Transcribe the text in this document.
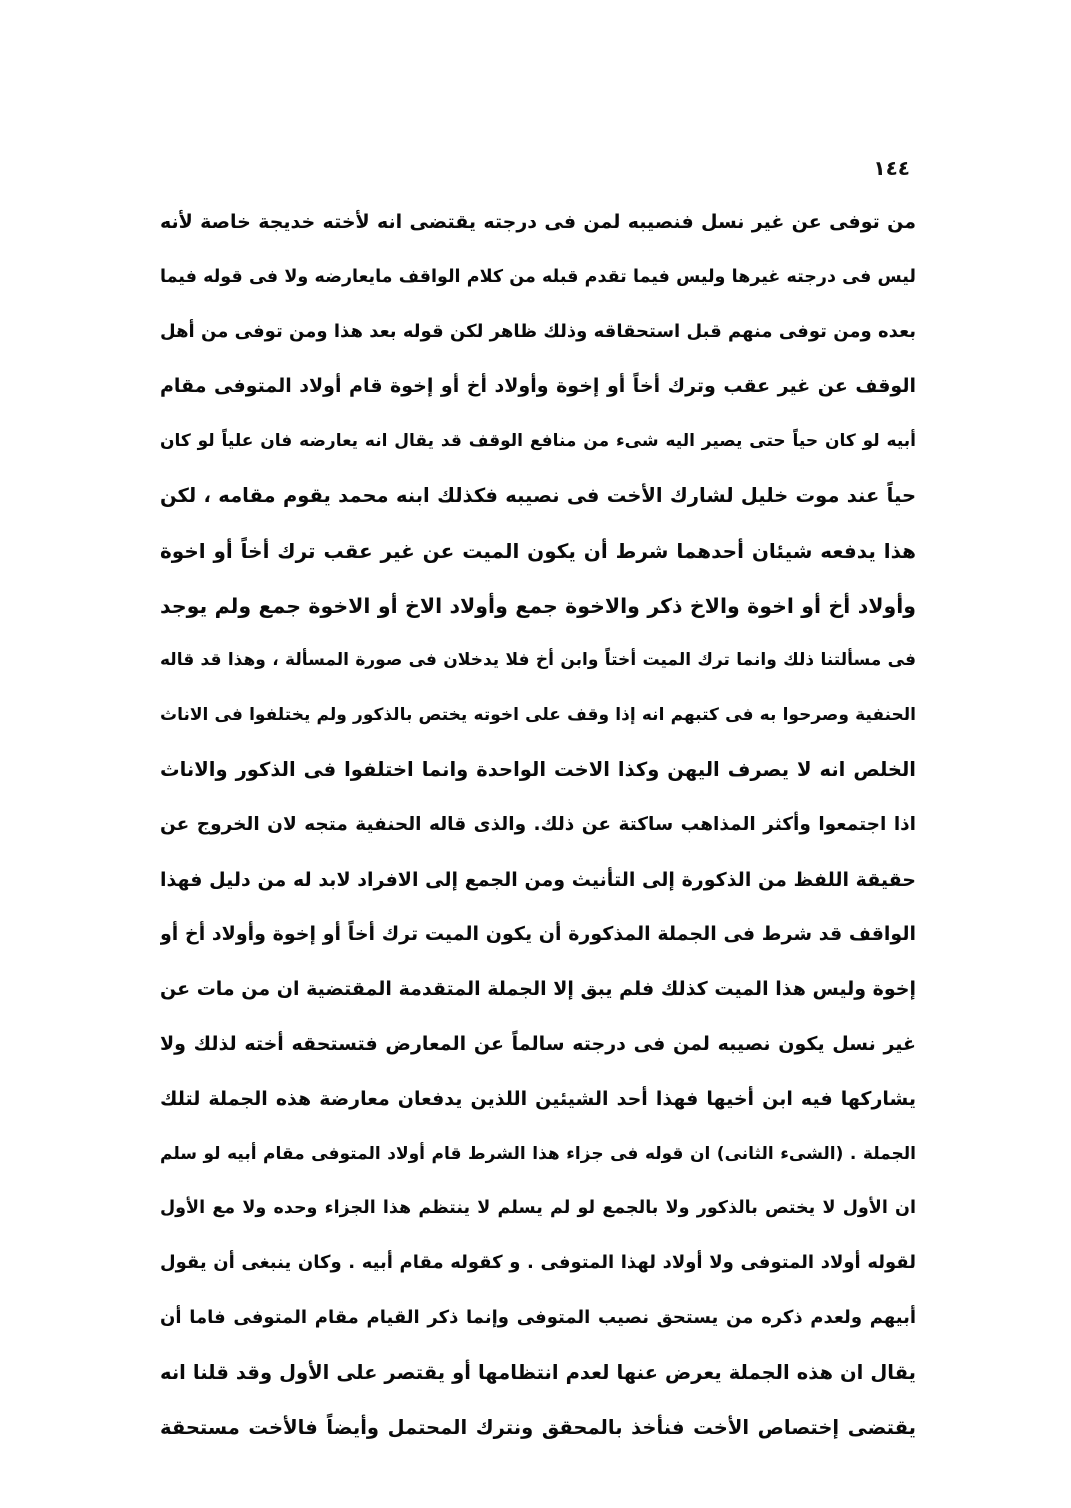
١٤٤
من توفى عن غير نسل فنصيبه لمن فى درجته يقتضى انه لأخته خديجة خاصة لأنه
ليس فى درجته غيرها وليس فيما تقدم قبله من كلام الواقف مايعارضه ولا فى قوله فيما
بعده ومن توفى منهم قبل استحقاقه وذلك ظاهر لكن قوله بعد هذا ومن توفى من أهل
الوقف عن غير عقب وترك أخاً أو إخوة وأولاد أخ أو إخوة قام أولاد المتوفى مقام
أبيه لو كان حياً حتى يصير اليه شىء من منافع الوقف قد يقال انه يعارضه فان علياً لو كان
حياً عند موت خليل لشارك الأخت فى نصيبه فكذلك ابنه محمد يقوم مقامه ، لكن
هذا يدفعه شيئان أحدهما شرط أن يكون الميت عن غير عقب ترك أخاً أو اخوة
وأولاد أخ أو اخوة والاخ ذكر والاخوة جمع وأولاد الاخ أو الاخوة جمع ولم يوجد
فى مسألتنا ذلك وانما ترك الميت أختاً وابن أخ فلا يدخلان فى صورة المسألة ، وهذا قد قاله
الحنفية وصرحوا به فى كتبهم انه إذا وقف على اخوته يختص بالذكور ولم يختلفوا فى الاناث
الخلص انه لا يصرف اليهن وكذا الاخت الواحدة وانما اختلفوا فى الذكور والاناث
اذا اجتمعوا وأكثر المذاهب ساكتة عن ذلك. والذى قاله الحنفية متجه لان الخروج عن
حقيقة اللفظ من الذكورة إلى التأنيث ومن الجمع إلى الافراد لابد له من دليل فهذا
الواقف قد شرط فى الجملة المذكورة أن يكون الميت ترك أخاً أو إخوة وأولاد أخ أو
إخوة وليس هذا الميت كذلك فلم يبق إلا الجملة المتقدمة المقتضية ان من مات عن
غير نسل يكون نصيبه لمن فى درجته سالماً عن المعارض فتستحقه أخته لذلك ولا
يشاركها فيه ابن أخيها فهذا أحد الشيئين اللذين يدفعان معارضة هذه الجملة لتلك
الجملة . (الشىء الثانى) ان قوله فى جزاء هذا الشرط قام أولاد المتوفى مقام أبيه لو سلم
ان الأول لا يختص بالذكور ولا بالجمع لو لم يسلم لا ينتظم هذا الجزاء وحده ولا مع الأول
لقوله أولاد المتوفى ولا أولاد لهذا المتوفى . و كقوله مقام أبيه . وكان ينبغى أن يقول
أبيهم ولعدم ذكره من يستحق نصيب المتوفى وإنما ذكر القيام مقام المتوفى فاما أن
يقال ان هذه الجملة يعرض عنها لعدم انتظامها أو يقتصر على الأول وقد قلنا انه
يقتضى إختصاص الأخت فنأخذ بالمحقق ونترك المحتمل وأيضاً فالأخت مستحقة
